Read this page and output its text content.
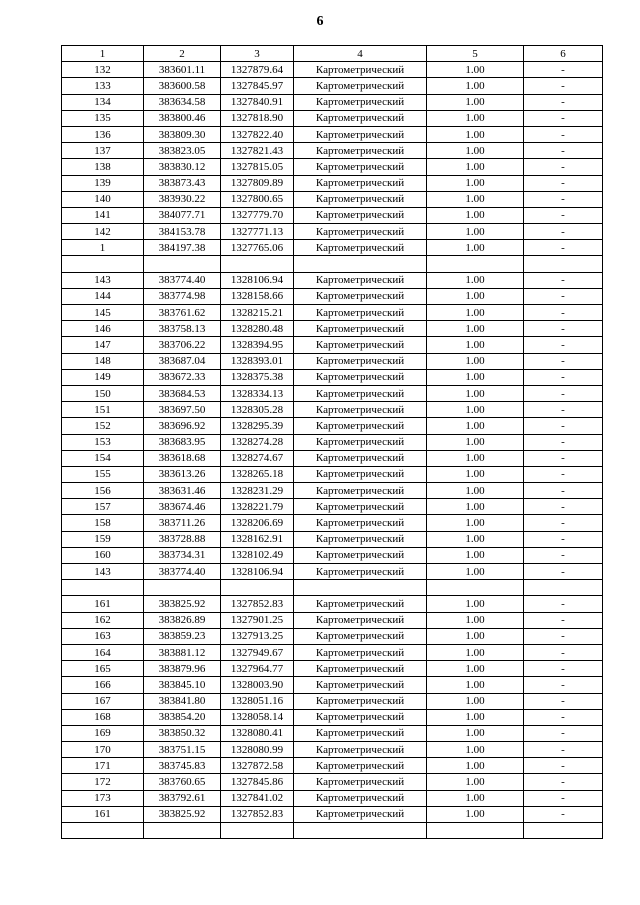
6
1	2	3	4	5	6
132	383601.11	1327879.64	Картометрический	1.00	-
133	383600.58	1327845.97	Картометрический	1.00	-
134	383634.58	1327840.91	Картометрический	1.00	-
135	383800.46	1327818.90	Картометрический	1.00	-
136	383809.30	1327822.40	Картометрический	1.00	-
137	383823.05	1327821.43	Картометрический	1.00	-
138	383830.12	1327815.05	Картометрический	1.00	-
139	383873.43	1327809.89	Картометрический	1.00	-
140	383930.22	1327800.65	Картометрический	1.00	-
141	384077.71	1327779.70	Картометрический	1.00	-
142	384153.78	1327771.13	Картометрический	1.00	-
1	384197.38	1327765.06	Картометрический	1.00	-

143	383774.40	1328106.94	Картометрический	1.00	-
144	383774.98	1328158.66	Картометрический	1.00	-
145	383761.62	1328215.21	Картометрический	1.00	-
146	383758.13	1328280.48	Картометрический	1.00	-
147	383706.22	1328394.95	Картометрический	1.00	-
148	383687.04	1328393.01	Картометрический	1.00	-
149	383672.33	1328375.38	Картометрический	1.00	-
150	383684.53	1328334.13	Картометрический	1.00	-
151	383697.50	1328305.28	Картометрический	1.00	-
152	383696.92	1328295.39	Картометрический	1.00	-
153	383683.95	1328274.28	Картометрический	1.00	-
154	383618.68	1328274.67	Картометрический	1.00	-
155	383613.26	1328265.18	Картометрический	1.00	-
156	383631.46	1328231.29	Картометрический	1.00	-
157	383674.46	1328221.79	Картометрический	1.00	-
158	383711.26	1328206.69	Картометрический	1.00	-
159	383728.88	1328162.91	Картометрический	1.00	-
160	383734.31	1328102.49	Картометрический	1.00	-
143	383774.40	1328106.94	Картометрический	1.00	-

161	383825.92	1327852.83	Картометрический	1.00	-
162	383826.89	1327901.25	Картометрический	1.00	-
163	383859.23	1327913.25	Картометрический	1.00	-
164	383881.12	1327949.67	Картометрический	1.00	-
165	383879.96	1327964.77	Картометрический	1.00	-
166	383845.10	1328003.90	Картометрический	1.00	-
167	383841.80	1328051.16	Картометрический	1.00	-
168	383854.20	1328058.14	Картометрический	1.00	-
169	383850.32	1328080.41	Картометрический	1.00	-
170	383751.15	1328080.99	Картометрический	1.00	-
171	383745.83	1327872.58	Картометрический	1.00	-
172	383760.65	1327845.86	Картометрический	1.00	-
173	383792.61	1327841.02	Картометрический	1.00	-
161	383825.92	1327852.83	Картометрический	1.00	-
